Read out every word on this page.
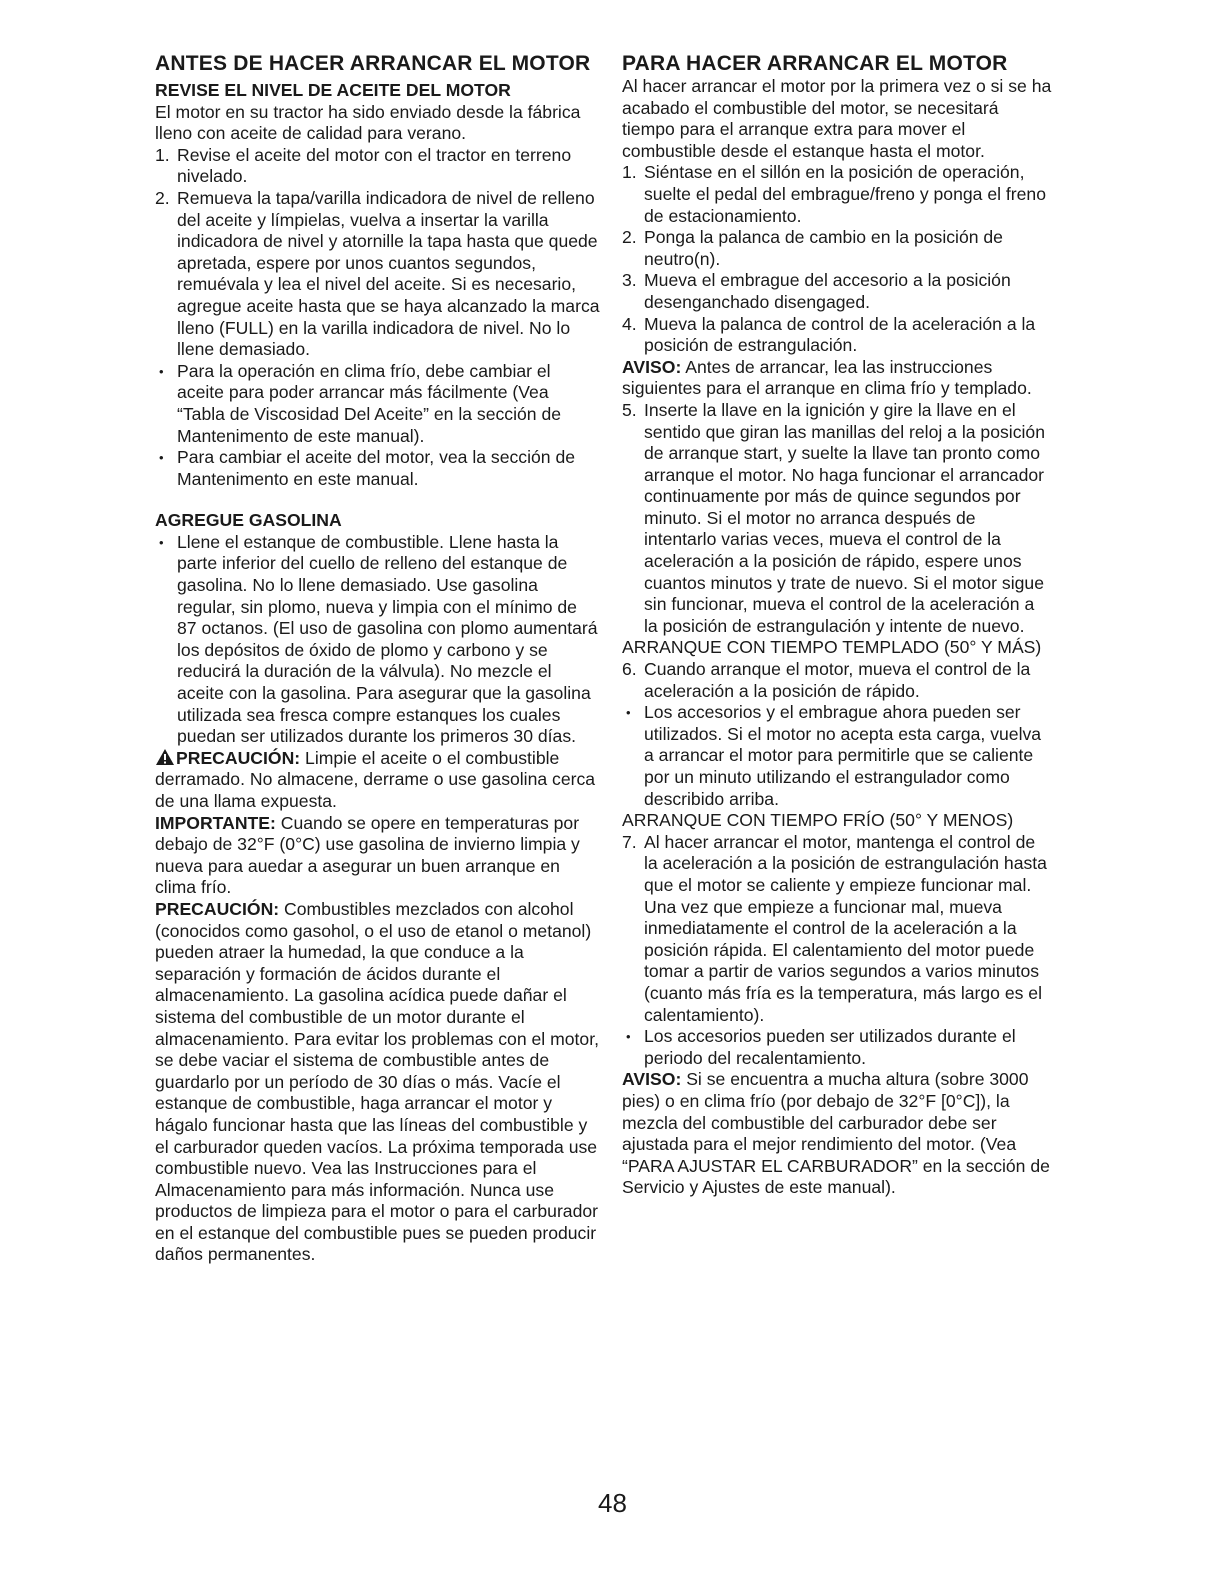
ANTES DE HACER ARRANCAR EL MOTOR
REVISE EL NIVEL DE ACEITE DEL MOTOR

El motor en su tractor ha sido enviado desde la fábrica lleno con aceite de calidad para verano.

1. Revise el aceite del motor con el tractor en terreno nivelado.
2. Remueva la tapa/varilla indicadora de nivel de relleno del aceite y límpielas, vuelva a insertar la varilla indicadora de nivel y atornille la tapa hasta que quede apretada, espere por unos cuantos segundos, remuévala y lea el nivel del aceite. Si es necesario, agregue aceite hasta que se haya alcanzado la marca lleno (FULL) en la varilla indicadora de nivel. No lo llene demasiado.
• Para la operación en clima frío, debe cambiar el aceite para poder arrancar más fácilmente (Vea “Tabla de Viscosidad Del Aceite” en la sección de Mantenimento de este manual).
• Para cambiar el aceite del motor, vea la sección de Mantenimento en este manual.
AGREGUE GASOLINA
• Llene el estanque de combustible. Llene hasta la parte inferior del cuello de relleno del estanque de gasolina. No lo llene demasiado. Use gasolina regular, sin plomo, nueva y limpia con el mínimo de 87 octanos. (El uso de gasolina con plomo aumentará los depósitos de óxido de plomo y carbono y se reducirá la duración de la válvula). No mezcle el aceite con la gasolina. Para asegurar que la gasolina utilizada sea fresca compre estanques los cuales puedan ser utilizados durante los primeros 30 días.

PRECAUCIÓN: Limpie el aceite o el combustible derramado. No almacene, derrame o use gasolina cerca de una llama expuesta.

IMPORTANTE: Cuando se opere en temperaturas por debajo de 32°F (0°C) use gasolina de invierno limpia y nueva para auedar a asegurar un buen arranque en clima frío.

PRECAUCIÓN: Combustibles mezclados con alcohol (conocidos como gasohol, o el uso de etanol o metanol) pueden atraer la humedad, la que conduce a la separación y formación de ácidos durante el almacenamiento. La gasolina acídica puede dañar el sistema del combustible de un motor durante el almacenamiento. Para evitar los problemas con el motor, se debe vaciar el sistema de combustible antes de guardarlo por un período de 30 días o más. Vacíe el estanque de combustible, haga arrancar el motor y hágalo funcionar hasta que las líneas del combustible y el carburador queden vacíos. La próxima temporada use combustible nuevo. Vea las Instrucciones para el Almacenamiento para más información. Nunca use productos de limpieza para el motor o para el carburador en el estanque del combustible pues se pueden producir daños permanentes.

PARA HACER ARRANCAR EL MOTOR

Al hacer arrancar el motor por la primera vez o si se ha acabado el combustible del motor, se necesitará tiempo para el arranque extra para mover el combustible desde el estanque hasta el motor.

1. Siéntase en el sillón en la posición de operación, suelte el pedal del embrague/freno y ponga el freno de estacionamiento.
2. Ponga la palanca de cambio en la posición de neutro(n).
3. Mueva el embrague del accesorio a la posición desenganchado disengaged.
4. Mueva la palanca de control de la aceleración a la posición de estrangulación.

AVISO: Antes de arrancar, lea las instrucciones siguientes para el arranque en clima frío y templado.

5. Inserte la llave en la ignición y gire la llave en el sentido que giran las manillas del reloj a la posición de arranque start, y suelte la llave tan pronto como arranque el motor. No haga funcionar el arrancador continuamente por más de quince segundos por minuto. Si el motor no arranca después de intentarlo varias veces, mueva el control de la aceleración a la posición de rápido, espere unos cuantos minutos y trate de nuevo. Si el motor sigue sin funcionar, mueva el control de la aceleración a la posición de estrangulación y intente de nuevo.

ARRANQUE CON TIEMPO TEMPLADO (50° Y MÁS)

6. Cuando arranque el motor, mueva el control de la aceleración a la posición de rápido.
• Los accesorios y el embrague ahora pueden ser utilizados. Si el motor no acepta esta carga, vuelva a arrancar el motor para permitirle que se caliente por un minuto utilizando el estrangulador como describido arriba.

ARRANQUE CON TIEMPO FRÍO (50° Y MENOS)

7. Al hacer arrancar el motor, mantenga el control de la aceleración a la posición de estrangulación hasta que el motor se caliente y empieze funcionar mal. Una vez que empieze a funcionar mal, mueva inmediatamente el control de la aceleración a la posición rápida. El calentamiento del motor puede tomar a partir de varios segundos a varios minutos (cuanto más fría es la temperatura, más largo es el calentamiento).
• Los accesorios pueden ser utilizados durante el periodo del recalentamiento.

AVISO: Si se encuentra a mucha altura (sobre 3000 pies) o en clima frío (por debajo de 32°F [0°C]), la mezcla del combustible del carburador debe ser ajustada para el mejor rendimiento del motor. (Vea “PARA AJUSTAR EL CARBURADOR” en la sección de Servicio y Ajustes de este manual).

48
